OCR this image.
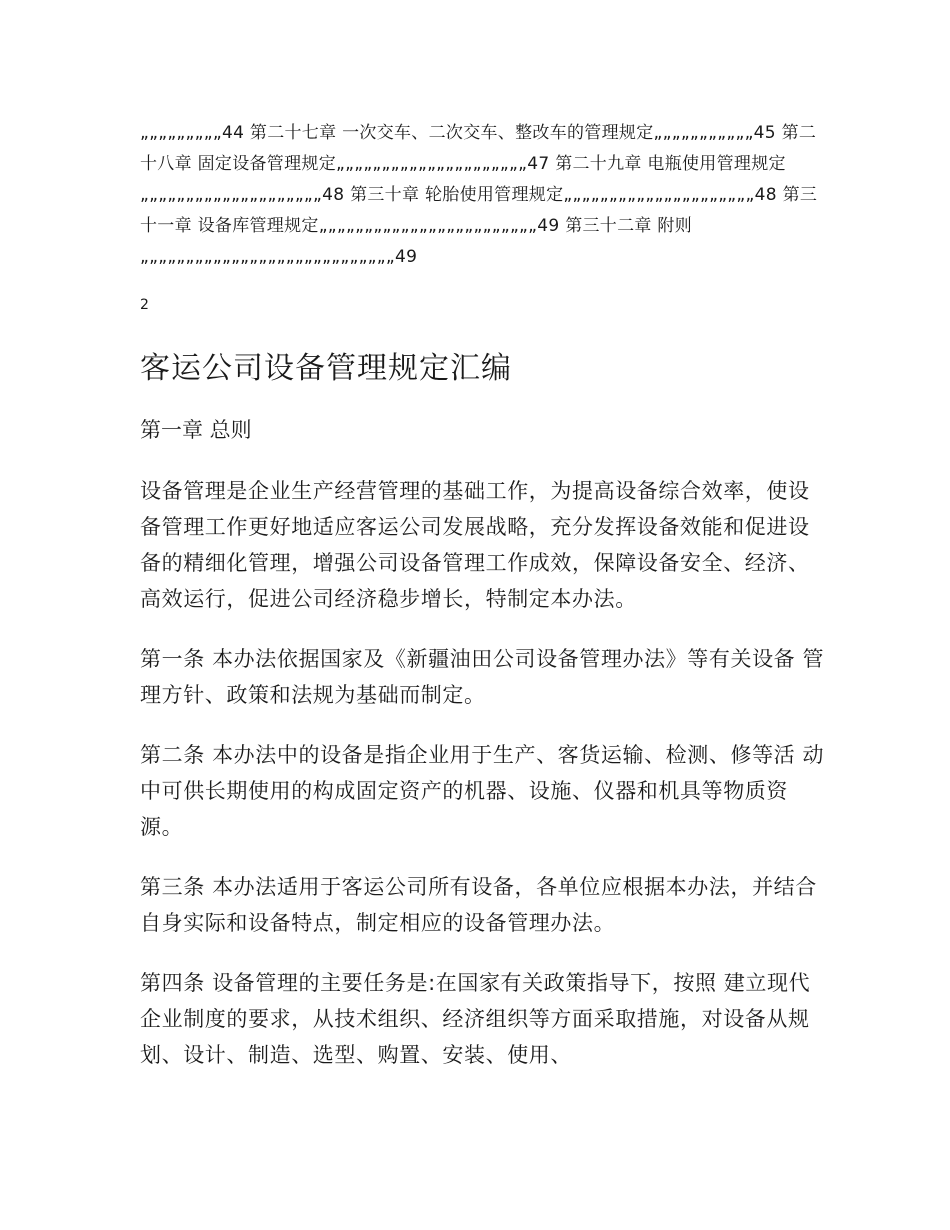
„„„„„„„„„44 第二十七章 一次交车、二次交车、整改车的管理规定„„„„„„„„„„„45 第二十八章 固定设备管理规定„„„„„„„„„„„„„„„„„„„„„47 第二十九章 电瓶使用管理规定„„„„„„„„„„„„„„„„„„„„48 第三十章 轮胎使用管理规定„„„„„„„„„„„„„„„„„„„„„48 第三十一章 设备库管理规定„„„„„„„„„„„„„„„„„„„„„„„„49 第三十二章 附则„„„„„„„„„„„„„„„„„„„„„„„„„„„„49

2
客运公司设备管理规定汇编
第一章 总则

设备管理是企业生产经营管理的基础工作，为提高设备综合效率，使设备管理工作更好地适应客运公司发展战略，充分发挥设备效能和促进设备的精细化管理，增强公司设备管理工作成效，保障设备安全、经济、高效运行，促进公司经济稳步增长，特制定本办法。

第一条 本办法依据国家及《新疆油田公司设备管理办法》等有关设备 管理方针、政策和法规为基础而制定。

第二条 本办法中的设备是指企业用于生产、客货运输、检测、修等活 动中可供长期使用的构成固定资产的机器、设施、仪器和机具等物质资源。

第三条 本办法适用于客运公司所有设备，各单位应根据本办法，并结合自身实际和设备特点，制定相应的设备管理办法。

第四条 设备管理的主要任务是:在国家有关政策指导下，按照 建立现代企业制度的要求，从技术组织、经济组织等方面采取措施，对设备从规划、设计、制造、选型、购置、安装、使用、
